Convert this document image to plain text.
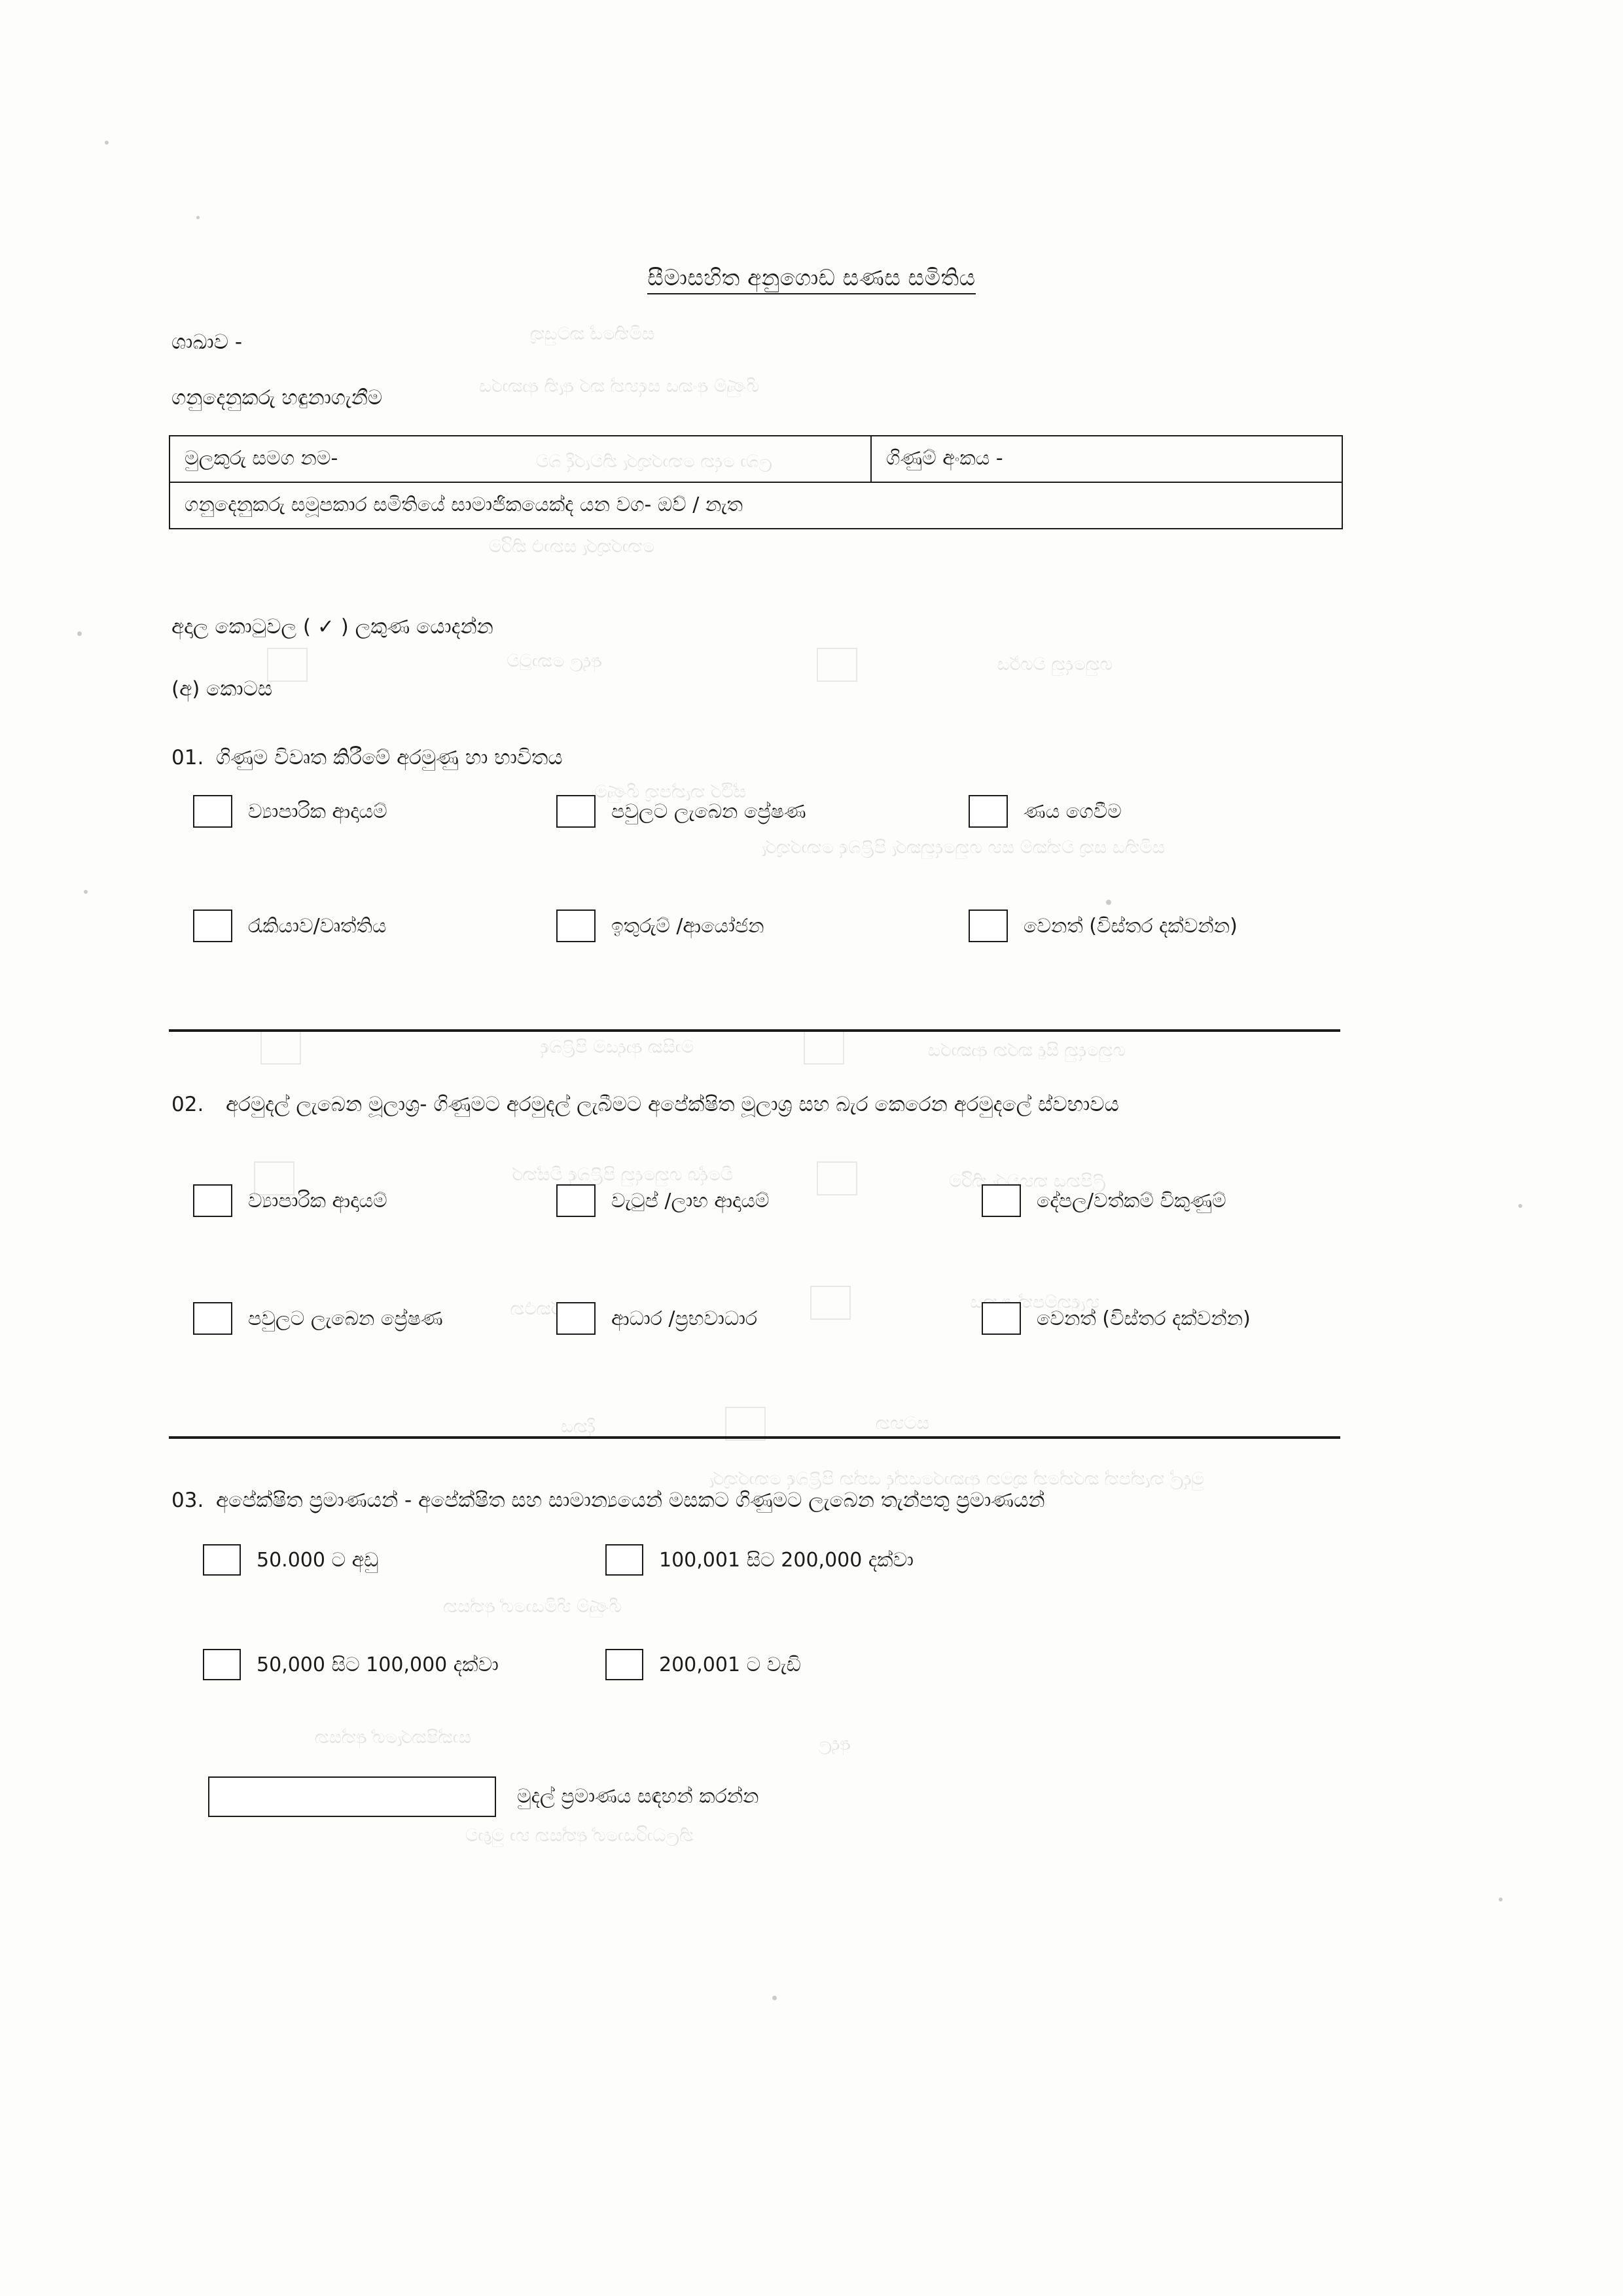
සමිතියේ කටයුතු
ගිණුම් අංකය සඳහන් කර ඇති ආකාරය
ලබා දෙන තොරතුරු නිවැරදි බව
තොරතුරු සනාථ කිරීම
අදාල කොටුව	ගනුදෙනු වර්ගය
ස්ථිර තැන්පතු ගිණුම
සමිතිය සතු වත්කම් සහ ගනුදෙනුකරු පිළිබඳ තොරතුරු
ගනුදෙනු සිදු කරන ආකාරය
මාසික ආදායම පිළිබඳ
ලිපිනය තහවුරු කිරීම
විදේශ ගනුදෙනු පිළිබඳ විස්තර
හැඳුනුම්පත් අංකය
දුරකථන
සටහන
දිනය
මුදල් තැන්පත් කරන්නේ කුමන ආකාරයෙන්ද යන්න පිළිබඳ තොරතුරු
ගිණුම් හිමියාගේ අත්සන
අදාල
සාක්ෂිකරුගේ අත්සන
නිලධාරියාගේ අත්සන හා මුද්‍රාව
සීමාසහිත අනුගොඩ සණස සමිතිය
ශාඛාව -
ගනුදෙනුකරු හඳුනාගැනීම
මුලකුරු සමග නම-	ගිණුම් අංකය -
ගනුදෙනුකරු සමූපකාර සමිතියේ සාමාජිකයෙක්ද යන වග- ඔව් / නැත
අදාල කොටුවල ( ✓ ) ලකුණ යොදන්න
(අ) කොටස
01. ගිණුම විවෘත කිරීමේ අරමුණු හා භාවිතය
ව්‍යාපාරික ආදායම්	පවුලට ලැබෙන ප්‍රේෂණ	ණය ගෙවීම
රැකියාව/වෘත්තිය	ඉතුරුම් /ආයෝජන	වෙනත් (විස්තර දක්වන්න)
02. අරමුදල් ලැබෙන මූලාශ්‍ර- ගිණුමට අරමුදල් ලැබීමට අපේක්ෂිත මූලාශ්‍ර සහ බැර කෙරෙන අරමුදලේ ස්වභාවය
ව්‍යාපාරික ආදායම්	වැටුප් /ලාභ ආදායම්	දේපල/වත්කම් විකුණුම්
පවුලට ලැබෙන ප්‍රේෂණ	ආධාර /ප්‍රභවාධාර	වෙනත් (විස්තර දක්වන්න)
03. අපේක්ෂිත ප්‍රමාණයන් - අපේක්ෂිත සහ සාමාන්‍යයෙන් මසකට ගිණුමට ලැබෙන තැන්පතු ප්‍රමාණයන්
50.000 ට අඩු	100,001 සිට 200,000 දක්වා
50,000 සිට 100,000 දක්වා	200,001 ට වැඩි
මුදල් ප්‍රමාණය සඳහන් කරන්න
